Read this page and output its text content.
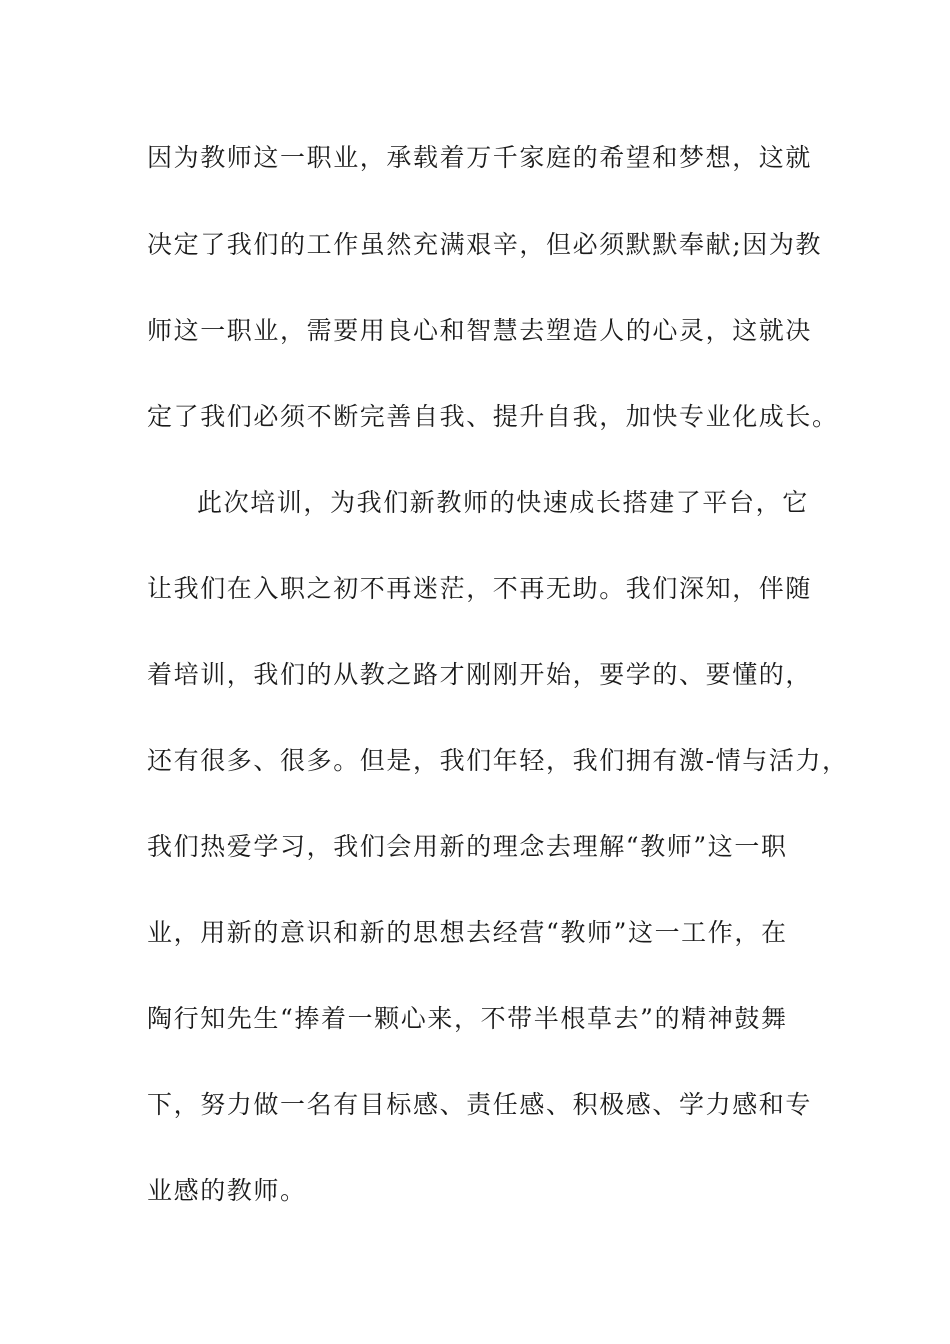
因为教师这一职业，承载着万千家庭的希望和梦想，这就
决定了我们的工作虽然充满艰辛，但必须默默奉献;因为教
师这一职业，需要用良心和智慧去塑造人的心灵，这就决
定了我们必须不断完善自我、提升自我，加快专业化成长。
此次培训，为我们新教师的快速成长搭建了平台，它
让我们在入职之初不再迷茫，不再无助。我们深知，伴随
着培训，我们的从教之路才刚刚开始，要学的、要懂的，
还有很多、很多。但是，我们年轻，我们拥有激-情与活力，
我们热爱学习，我们会用新的理念去理解“教师”这一职
业，用新的意识和新的思想去经营“教师”这一工作，在
陶行知先生“捧着一颗心来，不带半根草去”的精神鼓舞
下，努力做一名有目标感、责任感、积极感、学力感和专
业感的教师。
